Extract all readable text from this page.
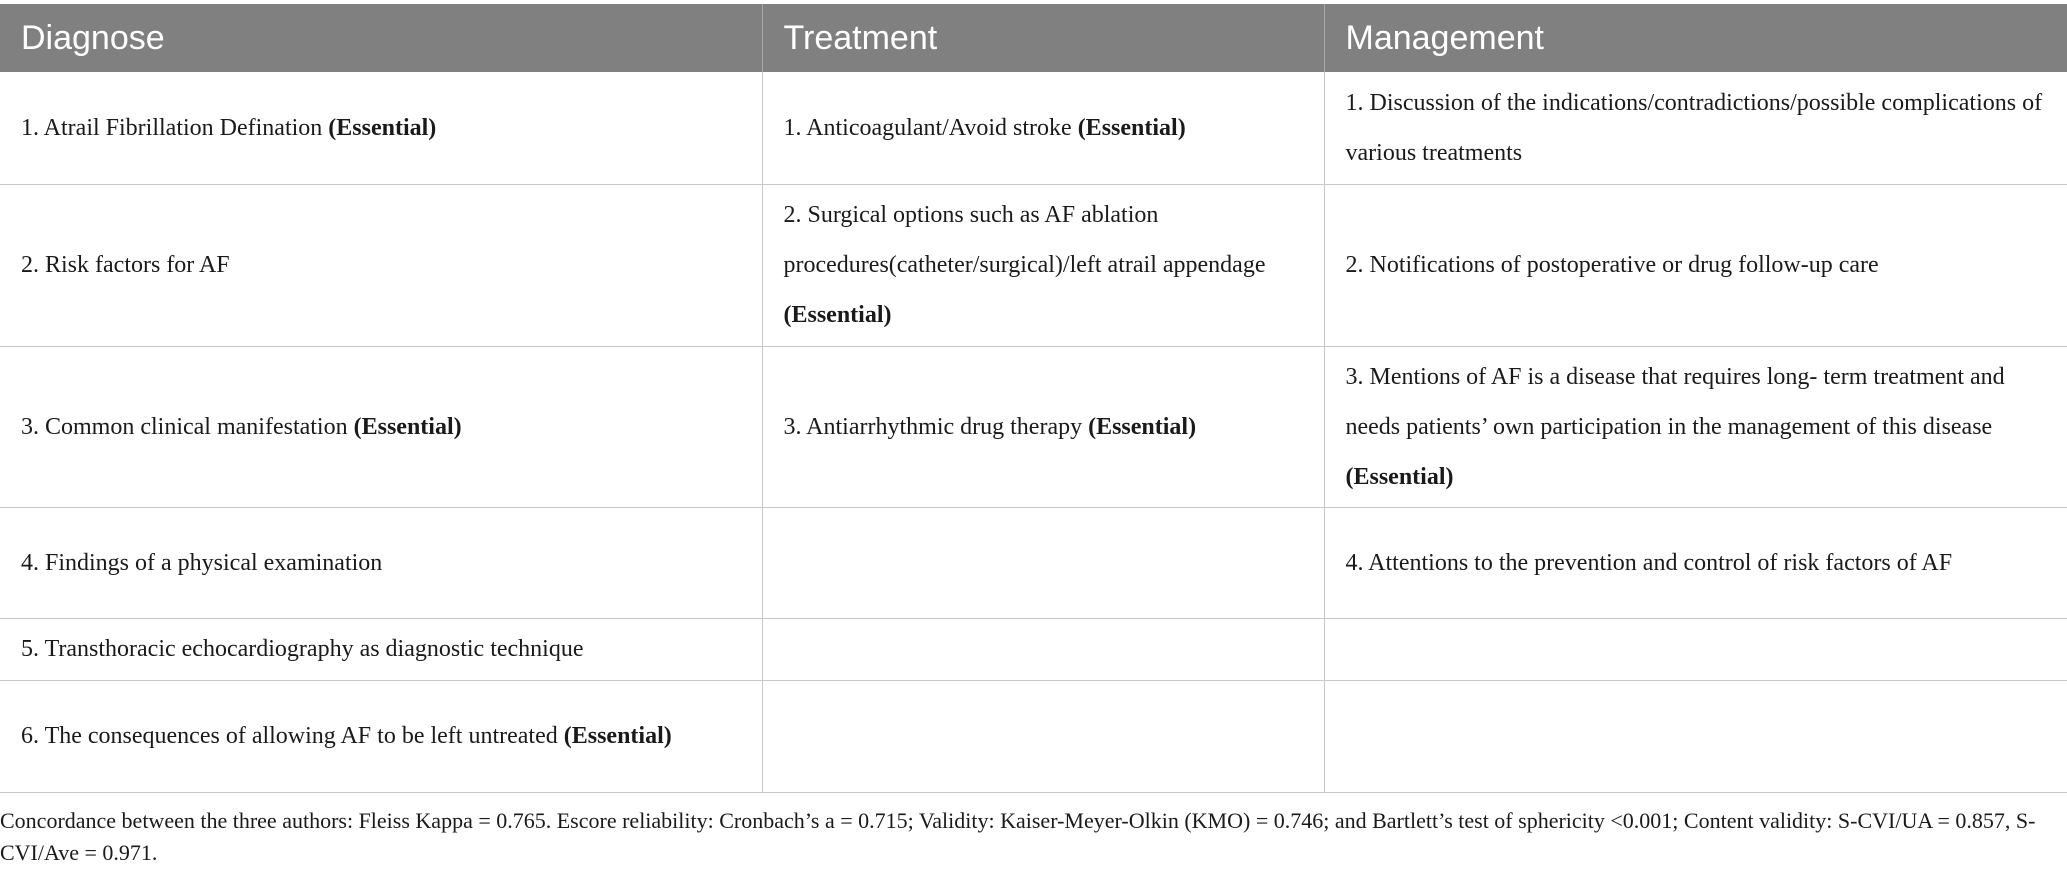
Diagnose	Treatment	Management
1. Atrail Fibrillation Defination (Essential)	1. Anticoagulant/Avoid stroke (Essential)	1. Discussion of the indications/contradictions/possible complications of various treatments
2. Risk factors for AF	2. Surgical options such as AF ablation procedures(catheter/surgical)/left atrail appendage (Essential)	2. Notifications of postoperative or drug follow-up care
3. Common clinical manifestation (Essential)	3. Antiarrhythmic drug therapy (Essential)	3. Mentions of AF is a disease that requires long- term treatment and needs patients’ own participation in the management of this disease (Essential)
4. Findings of a physical examination		4. Attentions to the prevention and control of risk factors of AF
5. Transthoracic echocardiography as diagnostic technique		
6. The consequences of allowing AF to be left untreated (Essential)		
Concordance between the three authors: Fleiss Kappa = 0.765. Escore reliability: Cronbach’s a = 0.715; Validity: Kaiser-Meyer-Olkin (KMO) = 0.746; and Bartlett’s test of sphericity <0.001; Content validity: S-CVI/UA = 0.857, S-CVI/Ave = 0.971.
